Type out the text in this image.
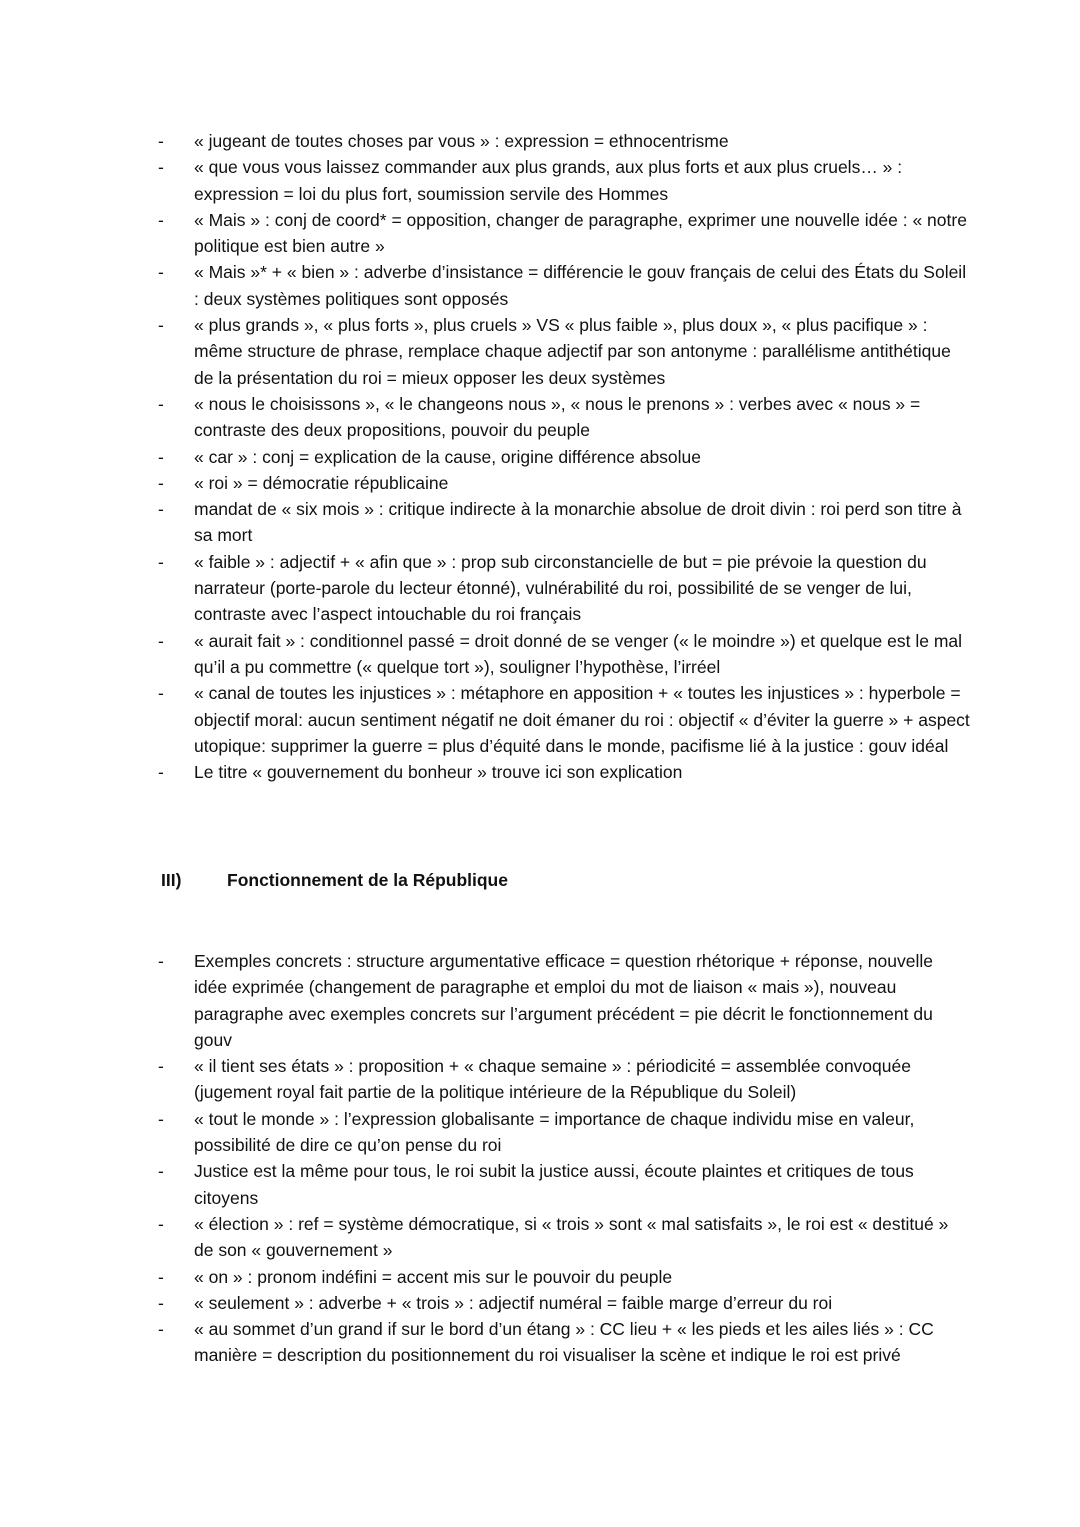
- « jugeant de toutes choses par vous » : expression = ethnocentrisme
- « que vous vous laissez commander aux plus grands, aux plus forts et aux plus cruels… » : expression = loi du plus fort, soumission servile des Hommes
- « Mais » : conj de coord* = opposition, changer de paragraphe, exprimer une nouvelle idée : « notre politique est bien autre »
- « Mais »* + « bien » : adverbe d’insistance = différencie le gouv français de celui des États du Soleil : deux systèmes politiques sont opposés
- « plus grands », « plus forts », plus cruels » VS « plus faible », plus doux », « plus pacifique » : même structure de phrase, remplace chaque adjectif par son antonyme : parallélisme antithétique de la présentation du roi = mieux opposer les deux systèmes
- « nous le choisissons », « le changeons nous », « nous le prenons » : verbes avec « nous » = contraste des deux propositions, pouvoir du peuple
- « car » : conj = explication de la cause, origine différence absolue
- « roi » = démocratie républicaine
- mandat de « six mois » : critique indirecte à la monarchie absolue de droit divin : roi perd son titre à sa mort
- « faible » : adjectif + « afin que » : prop sub circonstancielle de but = pie prévoie la question du narrateur (porte-parole du lecteur étonné), vulnérabilité du roi, possibilité de se venger de lui, contraste avec l’aspect intouchable du roi français
- « aurait fait » : conditionnel passé = droit donné de se venger (« le moindre ») et quelque est le mal qu’il a pu commettre (« quelque tort »), souligner l’hypothèse, l’irréel
- « canal de toutes les injustices » : métaphore en apposition + « toutes les injustices » : hyperbole = objectif moral: aucun sentiment négatif ne doit émaner du roi : objectif « d’éviter la guerre » + aspect utopique: supprimer la guerre = plus d’équité dans le monde, pacifisme lié à la justice : gouv idéal
- Le titre « gouvernement du bonheur » trouve ici son explication
III)	Fonctionnement de la République
- Exemples concrets : structure argumentative efficace = question rhétorique + réponse, nouvelle idée exprimée (changement de paragraphe et emploi du mot de liaison « mais »), nouveau paragraphe avec exemples concrets sur l’argument précédent = pie décrit le fonctionnement du gouv
- « il tient ses états » : proposition + « chaque semaine » : périodicité = assemblée convoquée (jugement royal fait partie de la politique intérieure de la République du Soleil)
- « tout le monde » : l’expression globalisante = importance de chaque individu mise en valeur, possibilité de dire ce qu’on pense du roi
- Justice est la même pour tous, le roi subit la justice aussi, écoute plaintes et critiques de tous citoyens
- « élection » : ref = système démocratique, si « trois » sont « mal satisfaits », le roi est « destitué » de son « gouvernement »
- « on » : pronom indéfini = accent mis sur le pouvoir du peuple
- « seulement » : adverbe + « trois » : adjectif numéral = faible marge d’erreur du roi
- « au sommet d’un grand if sur le bord d’un étang » : CC lieu + « les pieds et les ailes liés » : CC manière = description du positionnement du roi visualiser la scène et indique le roi est privé
